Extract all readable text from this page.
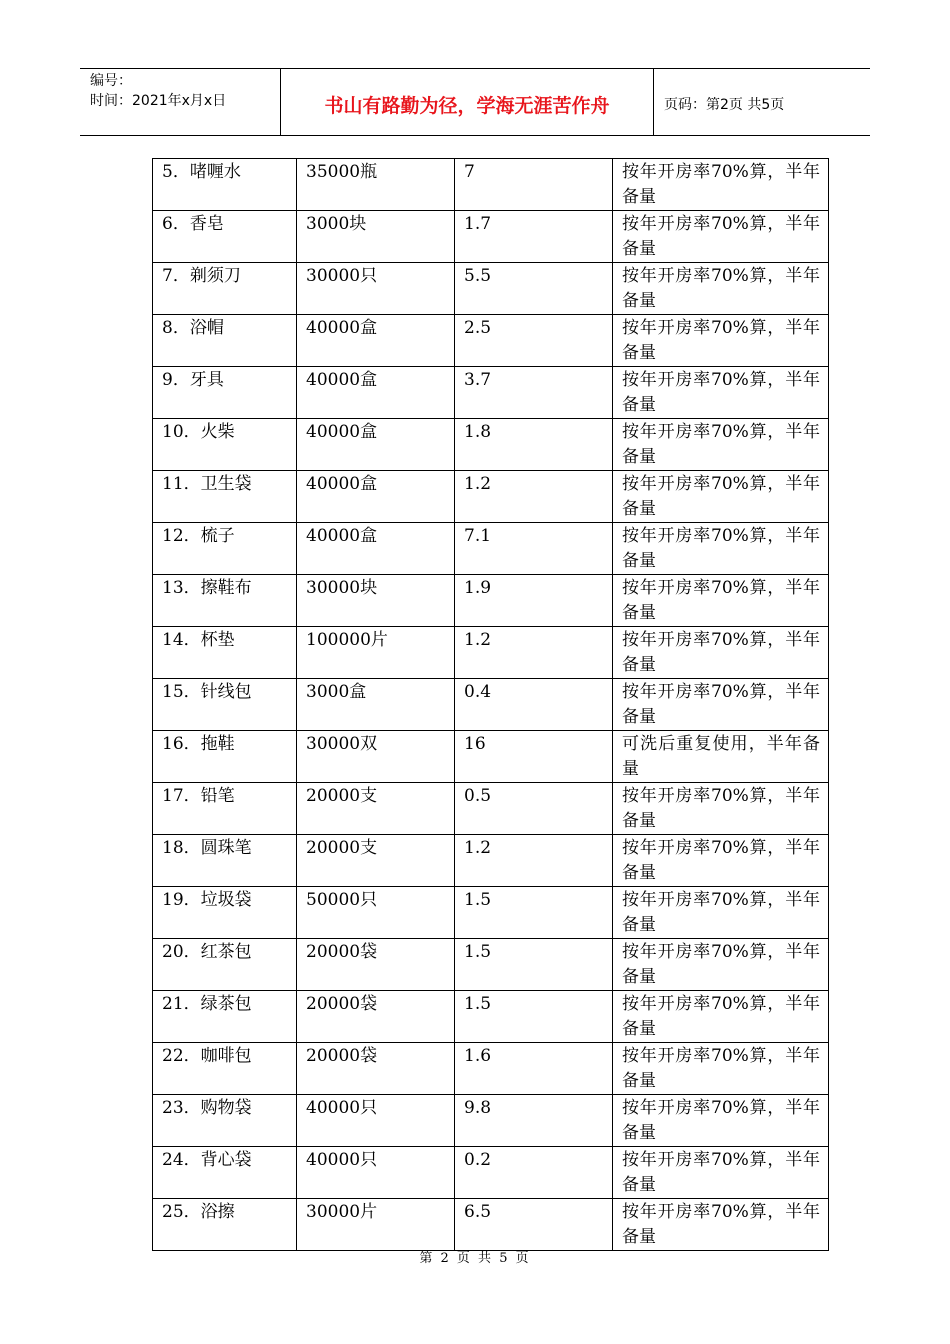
编号：
时间：2021年x月x日	书山有路勤为径，学海无涯苦作舟	页码：第2页 共5页
5．啫喱水	35000瓶	7	按年开房率70%算，半年备量
6．香皂	3000块	1.7	按年开房率70%算，半年备量
7．剃须刀	30000只	5.5	按年开房率70%算，半年备量
8．浴帽	40000盒	2.5	按年开房率70%算，半年备量
9．牙具	40000盒	3.7	按年开房率70%算，半年备量
10．火柴	40000盒	1.8	按年开房率70%算，半年备量
11．卫生袋	40000盒	1.2	按年开房率70%算，半年备量
12．梳子	40000盒	7.1	按年开房率70%算，半年备量
13．擦鞋布	30000块	1.9	按年开房率70%算，半年备量
14．杯垫	100000片	1.2	按年开房率70%算，半年备量
15．针线包	3000盒	0.4	按年开房率70%算，半年备量
16．拖鞋	30000双	16	可洗后重复使用，半年备量
17．铅笔	20000支	0.5	按年开房率70%算，半年备量
18．圆珠笔	20000支	1.2	按年开房率70%算，半年备量
19．垃圾袋	50000只	1.5	按年开房率70%算，半年备量
20．红茶包	20000袋	1.5	按年开房率70%算，半年备量
21．绿茶包	20000袋	1.5	按年开房率70%算，半年备量
22．咖啡包	20000袋	1.6	按年开房率70%算，半年备量
23．购物袋	40000只	9.8	按年开房率70%算，半年备量
24．背心袋	40000只	0.2	按年开房率70%算，半年备量
25．浴擦	30000片	6.5	按年开房率70%算，半年备量
第 2 页 共 5 页
